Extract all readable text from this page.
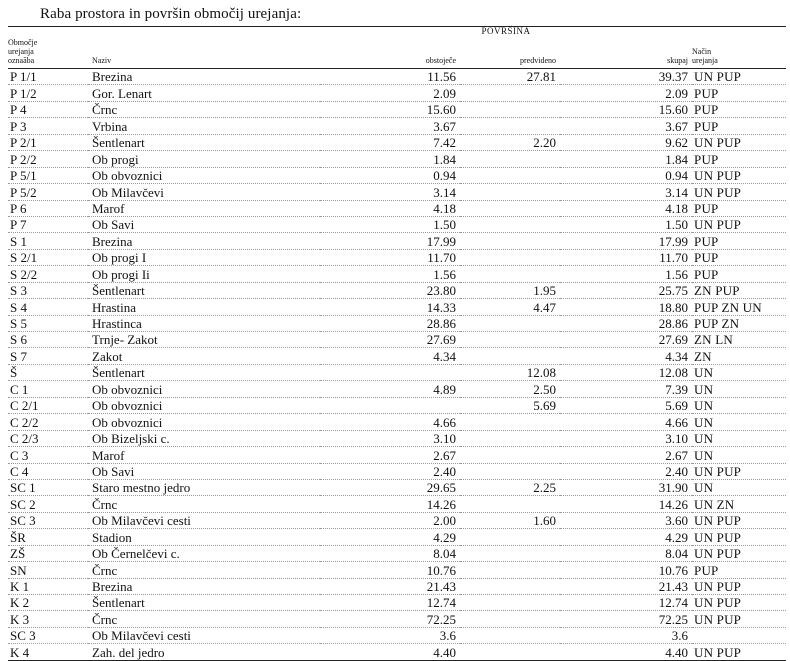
Raba prostora in površin območij urejanja:
		POVRŠINA			

Območje
urejanja
oznaãba	Naziv	obstoječe	predvideno	skupaj	Način
urejanja

P 1/1	Brezina	11.56	27.81	39.37	UN PUP
P 1/2	Gor. Lenart	2.09		2.09	PUP
P 4	Črnc	15.60		15.60	PUP
P 3	Vrbina	3.67		3.67	PUP
P 2/1	Šentlenart	7.42	2.20	9.62	UN PUP
P 2/2	Ob progi	1.84		1.84	PUP
P 5/1	Ob obvoznici	0.94		0.94	UN PUP
P 5/2	Ob Milavčevi	3.14		3.14	UN PUP
P 6	Marof	4.18		4.18	PUP
P 7	Ob Savi	1.50		1.50	UN PUP
S 1	Brezina	17.99		17.99	PUP
S 2/1	Ob progi I	11.70		11.70	PUP
S 2/2	Ob progi Ii	1.56		1.56	PUP
S 3	Šentlenart	23.80	1.95	25.75	ZN PUP
S 4	Hrastina	14.33	4.47	18.80	PUP ZN UN
S 5	Hrastinca	28.86		28.86	PUP ZN
S 6	Trnje- Zakot	27.69		27.69	ZN LN
S 7	Zakot	4.34		4.34	ZN
Š	Šentlenart		12.08	12.08	UN
C 1	Ob obvoznici	4.89	2.50	7.39	UN
C 2/1	Ob obvoznici		5.69	5.69	UN
C 2/2	Ob obvoznici	4.66		4.66	UN
C 2/3	Ob Bizeljski c.	3.10		3.10	UN
C 3	Marof	2.67		2.67	UN
C 4	Ob Savi	2.40		2.40	UN PUP
SC 1	Staro mestno jedro	29.65	2.25	31.90	UN
SC 2	Črnc	14.26		14.26	UN ZN
SC 3	Ob Milavčevi cesti	2.00	1.60	3.60	UN PUP
ŠR	Stadion	4.29		4.29	UN PUP
ZŠ	Ob Černelčevi c.	8.04		8.04	UN PUP
SN	Črnc	10.76		10.76	PUP
K 1	Brezina	21.43		21.43	UN PUP
K 2	Šentlenart	12.74		12.74	UN PUP
K 3	Črnc	72.25		72.25	UN PUP
SC 3	Ob Milavčevi cesti	3.6		3.6	
K 4	Zah. del jedro	4.40		4.40	UN PUP
